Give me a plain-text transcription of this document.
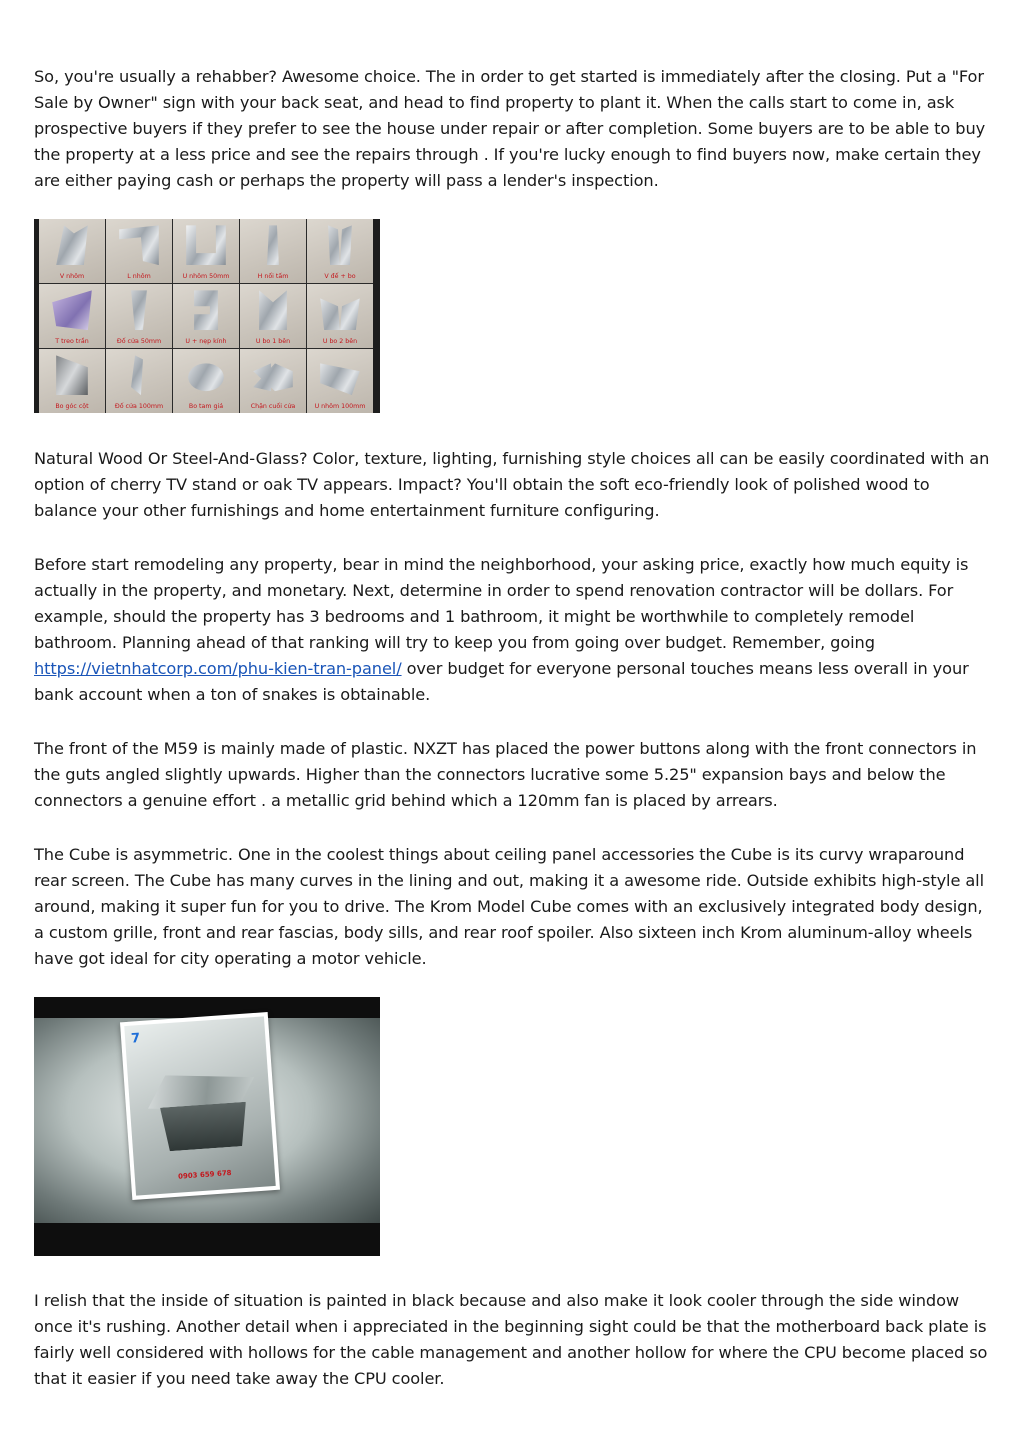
So, you're usually a rehabber? Awesome choice. The in order to get started is immediately after the closing. Put a "For Sale by Owner" sign with your back seat, and head to find property to plant it. When the calls start to come in, ask prospective buyers if they prefer to see the house under repair or after completion. Some buyers are to be able to buy the property at a less price and see the repairs through . If you're lucky enough to find buyers now, make certain they are either paying cash or perhaps the property will pass a lender's inspection.

V nhôm	L nhôm	U nhôm 50mm	H nối tấm	V đế + bo
T treo trần	Đố cửa 50mm	U + nẹp kính	U bo 1 bên	U bo 2 bên
Bo góc cột	Đố cửa 100mm	Bo tam giá	Chặn cuối cửa	U nhôm 100mm

Natural Wood Or Steel-And-Glass? Color, texture, lighting, furnishing style choices all can be easily coordinated with an option of cherry TV stand or oak TV appears. Impact? You'll obtain the soft eco-friendly look of polished wood to balance your other furnishings and home entertainment furniture configuring.

Before start remodeling any property, bear in mind the neighborhood, your asking price, exactly how much equity is actually in the property, and monetary. Next, determine in order to spend renovation contractor will be dollars. For example, should the property has 3 bedrooms and 1 bathroom, it might be worthwhile to completely remodel bathroom. Planning ahead of that ranking will try to keep you from going over budget. Remember, going https://vietnhatcorp.com/phu-kien-tran-panel/ over budget for everyone personal touches means less overall in your bank account when a ton of snakes is obtainable.

The front of the M59 is mainly made of plastic. NXZT has placed the power buttons along with the front connectors in the guts angled slightly upwards. Higher than the connectors lucrative some 5.25" expansion bays and below the connectors a genuine effort . a metallic grid behind which a 120mm fan is placed by arrears.

The Cube is asymmetric. One in the coolest things about ceiling panel accessories the Cube is its curvy wraparound rear screen. The Cube has many curves in the lining and out, making it a awesome ride. Outside exhibits high-style all around, making it super fun for you to drive. The Krom Model Cube comes with an exclusively integrated body design, a custom grille, front and rear fascias, body sills, and rear roof spoiler. Also sixteen inch Krom aluminum-alloy wheels have got ideal for city operating a motor vehicle.

7
0903 659 678

I relish that the inside of situation is painted in black because and also make it look cooler through the side window once it's rushing. Another detail when i appreciated in the beginning sight could be that the motherboard back plate is fairly well considered with hollows for the cable management and another hollow for where the CPU become placed so that it easier if you need take away the CPU cooler.
